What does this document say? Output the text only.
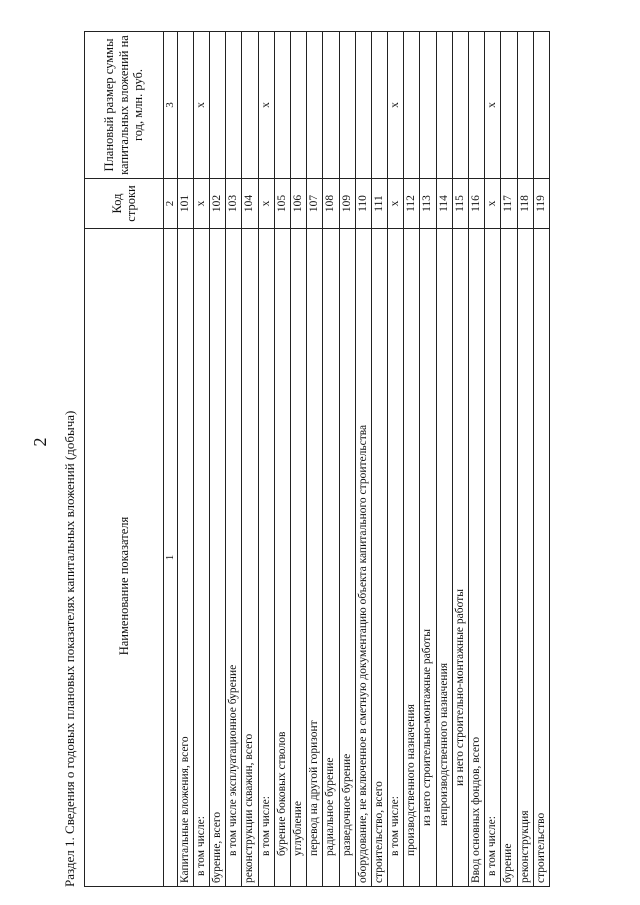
2 Раздел 1. Сведения о годовых плановых показателях капитальных вложений (добыча)	Наименование показателя	Код строки	Плановый размер суммы капитальных вложений на год, млн. руб.
1	2	3
Капитальные вложения, всего	101	
в том числе:	x	x
бурение, всего	102	
в том числе эксплуатационное бурение	103	
реконструкции скважин, всего	104	
в том числе:	x	x
бурение боковых стволов	105	
углубление	106	
перевод на другой горизонт	107	
радиальное бурение	108	
разведочное бурение	109	
оборудование, не включенное в сметную документацию объекта капитального строительства	110	
строительство, всего	111	
в том числе:	x	x
производственного назначения	112	
из него строительно-монтажные работы	113	
непроизводственного назначения	114	
из него строительно-монтажные работы	115	
Ввод основных фондов, всего	116	
в том числе:	x	x
бурение	117	
реконструкция	118	
строительство	119	
